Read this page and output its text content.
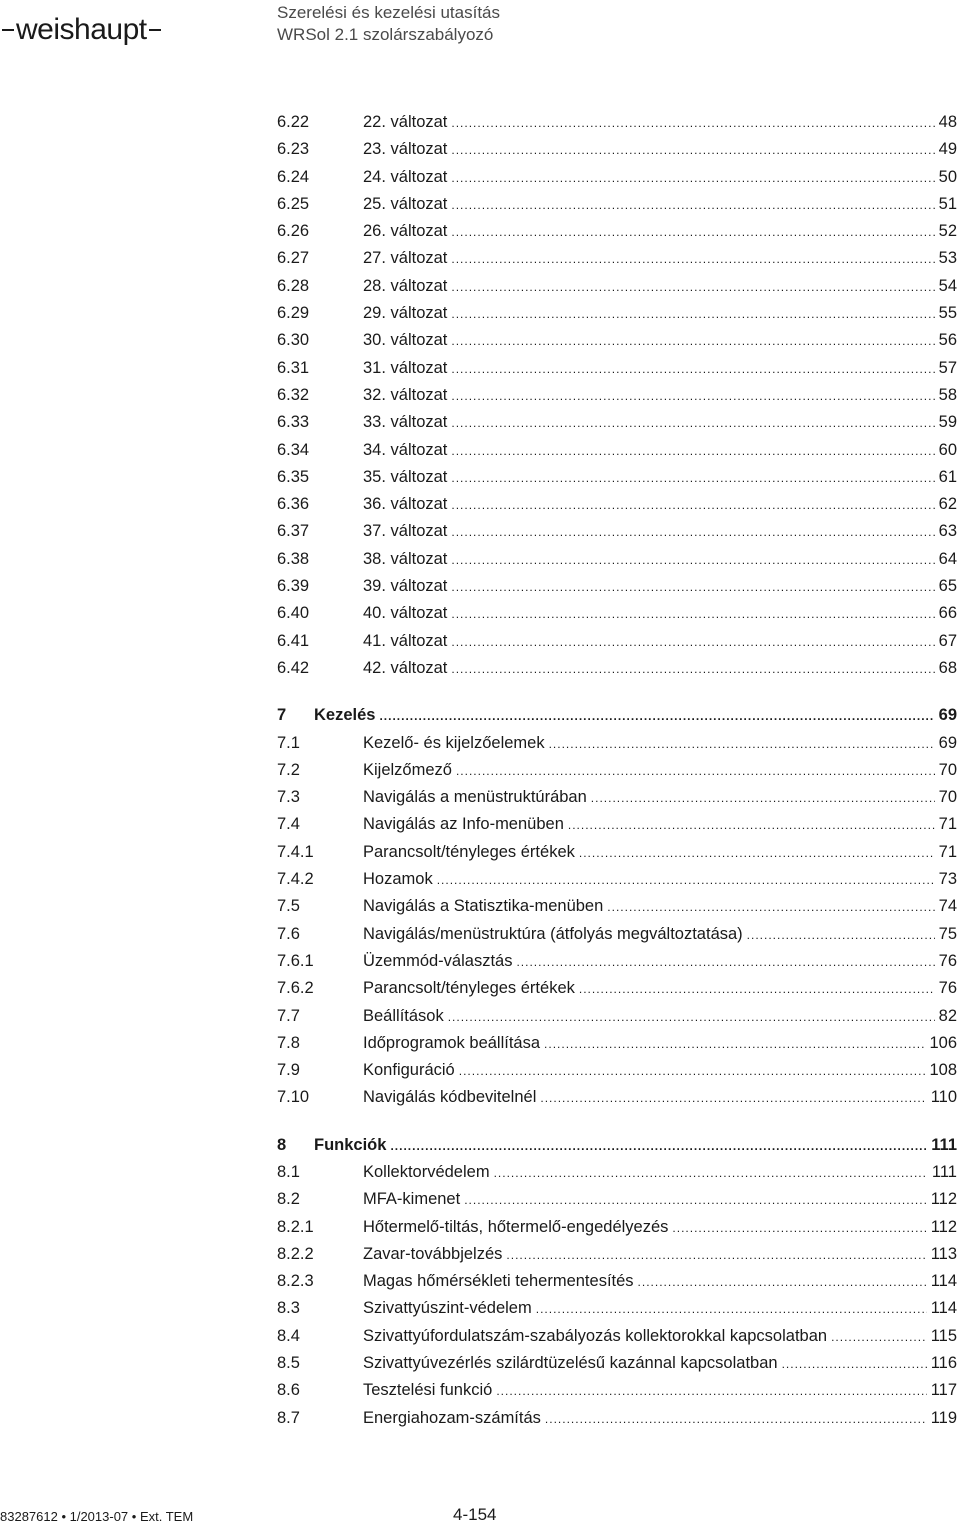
weishaupt
Szerelési és kezelési utasítás
WRSol 2.1 szolárszabályozó
6.22	22. változat .....	48
6.23	23. változat .....	49
6.24	24. változat .....	50
6.25	25. változat .....	51
6.26	26. változat .....	52
6.27	27. változat .....	53
6.28	28. változat .....	54
6.29	29. változat .....	55
6.30	30. változat .....	56
6.31	31. változat .....	57
6.32	32. változat .....	58
6.33	33. változat .....	59
6.34	34. változat .....	60
6.35	35. változat .....	61
6.36	36. változat .....	62
6.37	37. változat .....	63
6.38	38. változat .....	64
6.39	39. változat .....	65
6.40	40. változat .....	66
6.41	41. változat .....	67
6.42	42. változat .....	68
7 Kezelés .....	69
7.1	Kezelő- és kijelzőelemek .....	69
7.2	Kijelzőmező .....	70
7.3	Navigálás a menüstruktúrában .....	70
7.4	Navigálás az Info-menüben .....	71
7.4.1	Parancsolt/tényleges értékek .....	71
7.4.2	Hozamok .....	73
7.5	Navigálás a Statisztika-menüben .....	74
7.6	Navigálás/menüstruktúra (átfolyás megváltoztatása) .....	75
7.6.1	Üzemmód-választás .....	76
7.6.2	Parancsolt/tényleges értékek .....	76
7.7	Beállítások .....	82
7.8	Időprogramok beállítása .....	106
7.9	Konfiguráció .....	108
7.10	Navigálás kódbevitelnél .....	110
8 Funkciók .....	111
8.1	Kollektorvédelem .....	111
8.2	MFA-kimenet .....	112
8.2.1	Hőtermelő-tiltás, hőtermelő-engedélyezés .....	112
8.2.2	Zavar-továbbjelzés .....	113
8.2.3	Magas hőmérsékleti tehermentesítés .....	114
8.3	Szivattyúszint-védelem .....	114
8.4	Szivattyúfordulatszám-szabályozás kollektorokkal kapcsolatban .....	115
8.5	Szivattyúvezérlés szilárdtüzelésű kazánnal kapcsolatban .....	116
8.6	Tesztelési funkció .....	117
8.7	Energiahozam-számítás .....	119
83287612 • 1/2013-07 • Ext. TEM	4-154
